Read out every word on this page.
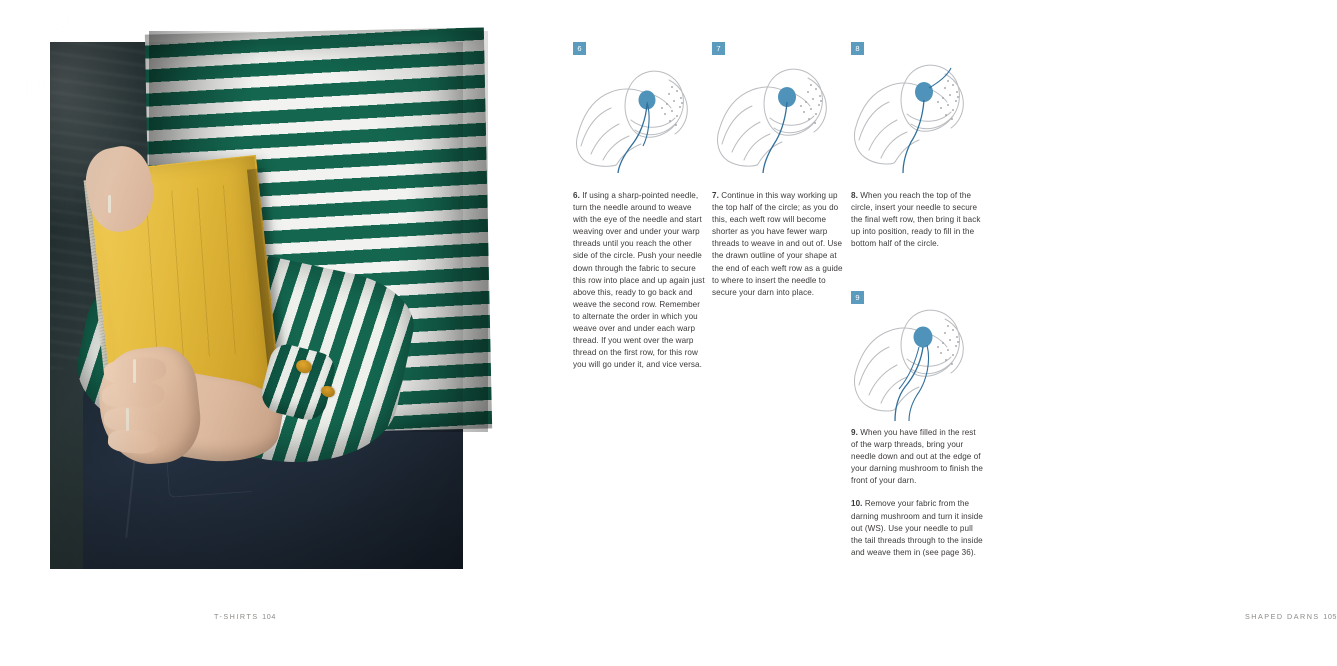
T-SHIRTS 104
6

6. If using a sharp-pointed needle, turn the needle around to weave with the eye of the needle and start weaving over and under your warp threads until you reach the other side of the circle. Push your needle down through the fabric to secure this row into place and up again just above this, ready to go back and weave the second row. Remember to alternate the order in which you weave over and under each warp thread. If you went over the warp thread on the first row, for this row you will go under it, and vice versa.

7

7. Continue in this way working up the top half of the circle; as you do this, each weft row will become shorter as you have fewer warp threads to weave in and out of. Use the drawn outline of your shape at the end of each weft row as a guide to where to insert the needle to secure your darn into place.

8

8. When you reach the top of the circle, insert your needle to secure the final weft row, then bring it back up into position, ready to fill in the bottom half of the circle.

9

9. When you have filled in the rest of the warp threads, bring your needle down and out at the edge of your darning mushroom to finish the front of your darn.

10. Remove your fabric from the darning mushroom and turn it inside out (WS). Use your needle to pull the tail threads through to the inside and weave them in (see page 36).

SHAPED DARNS 105
